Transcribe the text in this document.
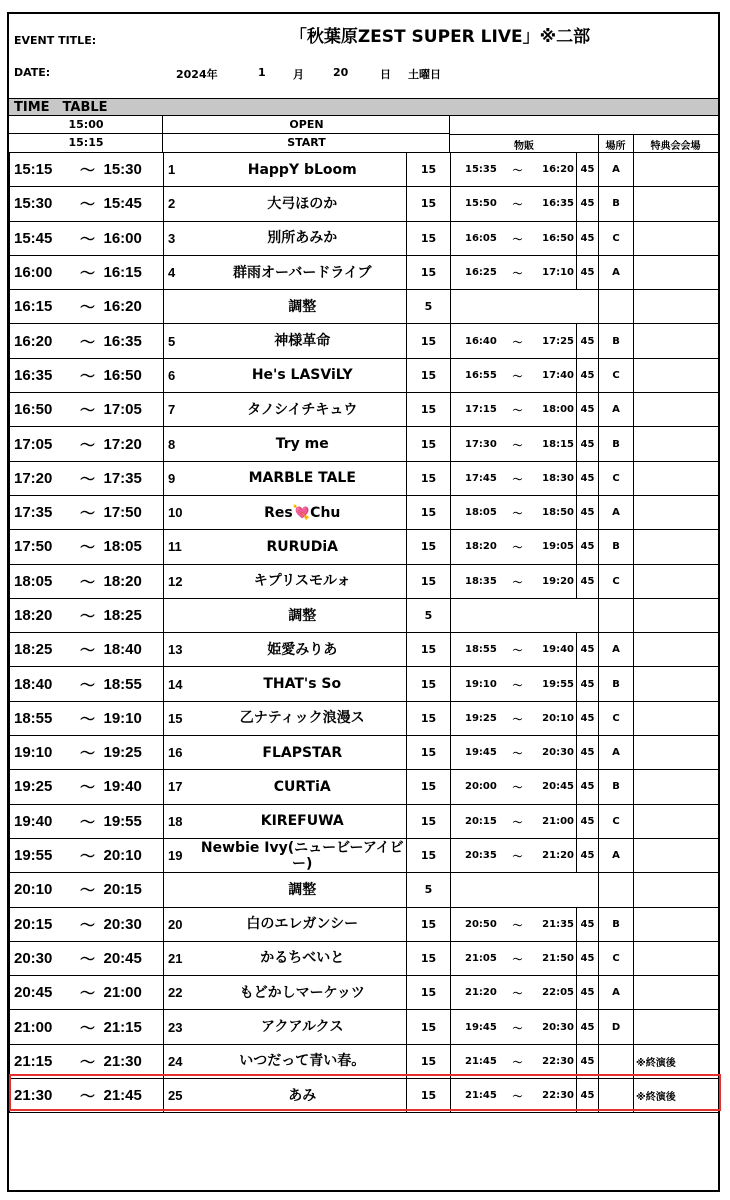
EVENT TITLE:	「秋葉原ZEST SUPER LIVE」※二部
DATE:	2024年	1 月	20	日 土曜日
TIME　TABLE
15:00	OPEN
15:15	START	物販	場所	特典会会場
15:15	～	15:30	1	HappY bLoom	15	15:35	～	16:20	45	A	
15:30	～	15:45	2	大弓ほのか	15	15:50	～	16:35	45	B	
15:45	～	16:00	3	別所あみか	15	16:05	～	16:50	45	C	
16:00	～	16:15	4	群雨オーバードライブ	15	16:25	～	17:10	45	A	
16:15	～	16:20		調整	5						
16:20	～	16:35	5	神様革命	15	16:40	～	17:25	45	B	
16:35	～	16:50	6	He's LASViLY	15	16:55	～	17:40	45	C	
16:50	～	17:05	7	タノシイチキュウ	15	17:15	～	18:00	45	A	
17:05	～	17:20	8	Try me	15	17:30	～	18:15	45	B	
17:20	～	17:35	9	MARBLE TALE	15	17:45	～	18:30	45	C	
17:35	～	17:50	10	Res💘Chu	15	18:05	～	18:50	45	A	
17:50	～	18:05	11	RURUDiA	15	18:20	～	19:05	45	B	
18:05	～	18:20	12	キプリスモルォ	15	18:35	～	19:20	45	C	
18:20	～	18:25		調整	5						
18:25	～	18:40	13	姫愛みりあ	15	18:55	～	19:40	45	A	
18:40	～	18:55	14	THAT's So	15	19:10	～	19:55	45	B	
18:55	～	19:10	15	乙ナティック浪漫ス	15	19:25	～	20:10	45	C	
19:10	～	19:25	16	FLAPSTAR	15	19:45	～	20:30	45	A	
19:25	～	19:40	17	CURTiA	15	20:00	～	20:45	45	B	
19:40	～	19:55	18	KIREFUWA	15	20:15	～	21:00	45	C	
19:55	～	20:10	19	Newbie Ivy(ニュービーアイビー)	15	20:35	～	21:20	45	A	
20:10	～	20:15		調整	5						
20:15	～	20:30	20	白のエレガンシー	15	20:50	～	21:35	45	B	
20:30	～	20:45	21	かるちべいと	15	21:05	～	21:50	45	C	
20:45	～	21:00	22	もどかしマーケッツ	15	21:20	～	22:05	45	A	
21:00	～	21:15	23	アクアルクス	15	19:45	～	20:30	45	D	
21:15	～	21:30	24	いつだって青い春。	15	21:45	～	22:30	45		※終演後
21:30	～	21:45	25	あみ	15	21:45	～	22:30	45		※終演後
